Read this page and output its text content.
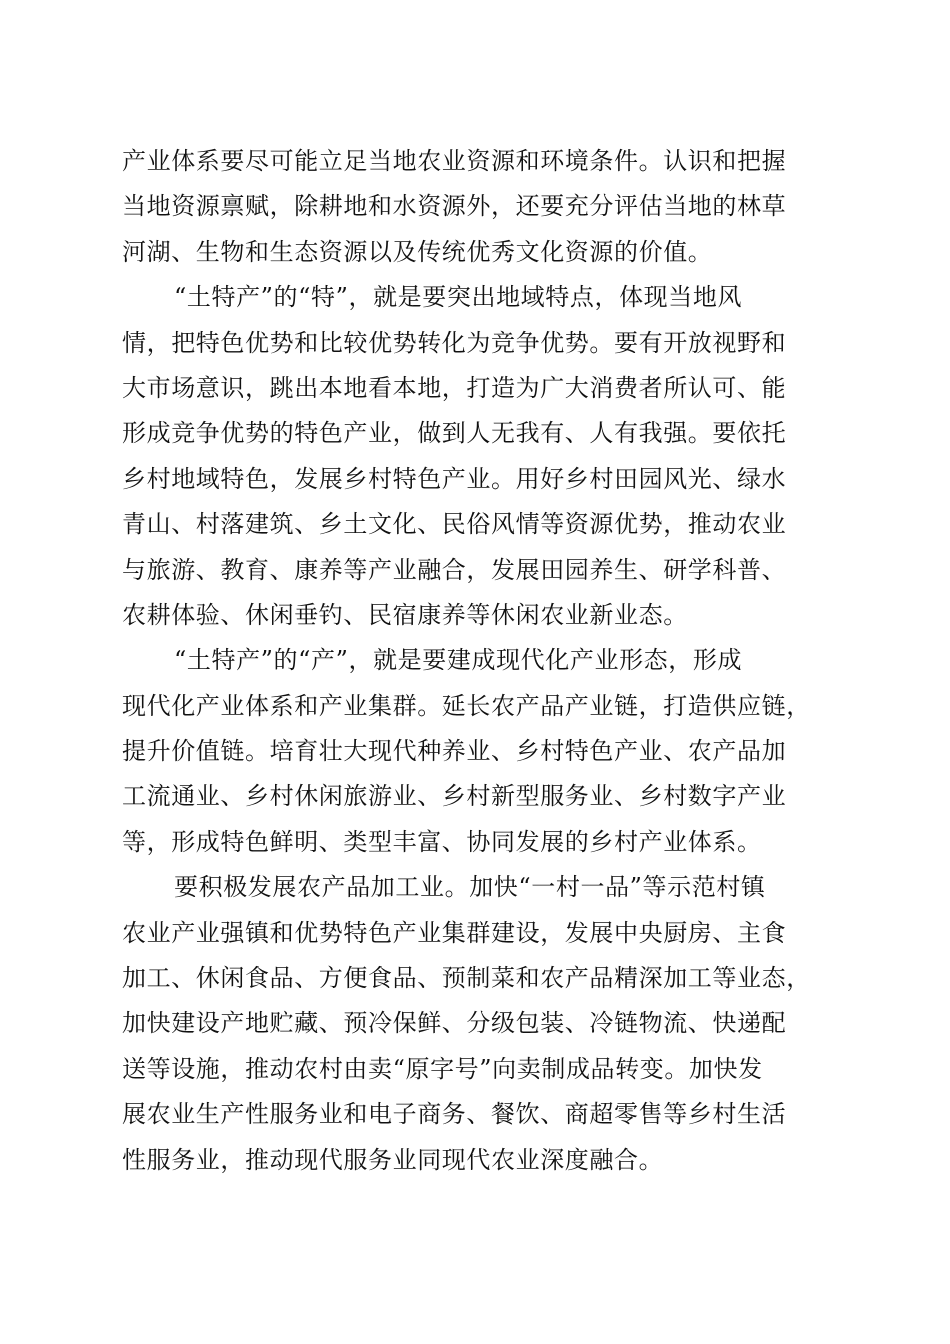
产业体系要尽可能立足当地农业资源和环境条件。认识和把握
当地资源禀赋，除耕地和水资源外，还要充分评估当地的林草
河湖、生物和生态资源以及传统优秀文化资源的价值。
“土特产”的“特”，就是要突出地域特点，体现当地风
情，把特色优势和比较优势转化为竞争优势。要有开放视野和
大市场意识，跳出本地看本地，打造为广大消费者所认可、能
形成竞争优势的特色产业，做到人无我有、人有我强。要依托
乡村地域特色，发展乡村特色产业。用好乡村田园风光、绿水
青山、村落建筑、乡土文化、民俗风情等资源优势，推动农业
与旅游、教育、康养等产业融合，发展田园养生、研学科普、
农耕体验、休闲垂钓、民宿康养等休闲农业新业态。
“土特产”的“产”，就是要建成现代化产业形态，形成
现代化产业体系和产业集群。延长农产品产业链，打造供应链，
提升价值链。培育壮大现代种养业、乡村特色产业、农产品加
工流通业、乡村休闲旅游业、乡村新型服务业、乡村数字产业
等，形成特色鲜明、类型丰富、协同发展的乡村产业体系。
要积极发展农产品加工业。加快“一村一品”等示范村镇
农业产业强镇和优势特色产业集群建设，发展中央厨房、主食
加工、休闲食品、方便食品、预制菜和农产品精深加工等业态，
加快建设产地贮藏、预冷保鲜、分级包装、冷链物流、快递配
送等设施，推动农村由卖“原字号”向卖制成品转变。加快发
展农业生产性服务业和电子商务、餐饮、商超零售等乡村生活
性服务业，推动现代服务业同现代农业深度融合。
